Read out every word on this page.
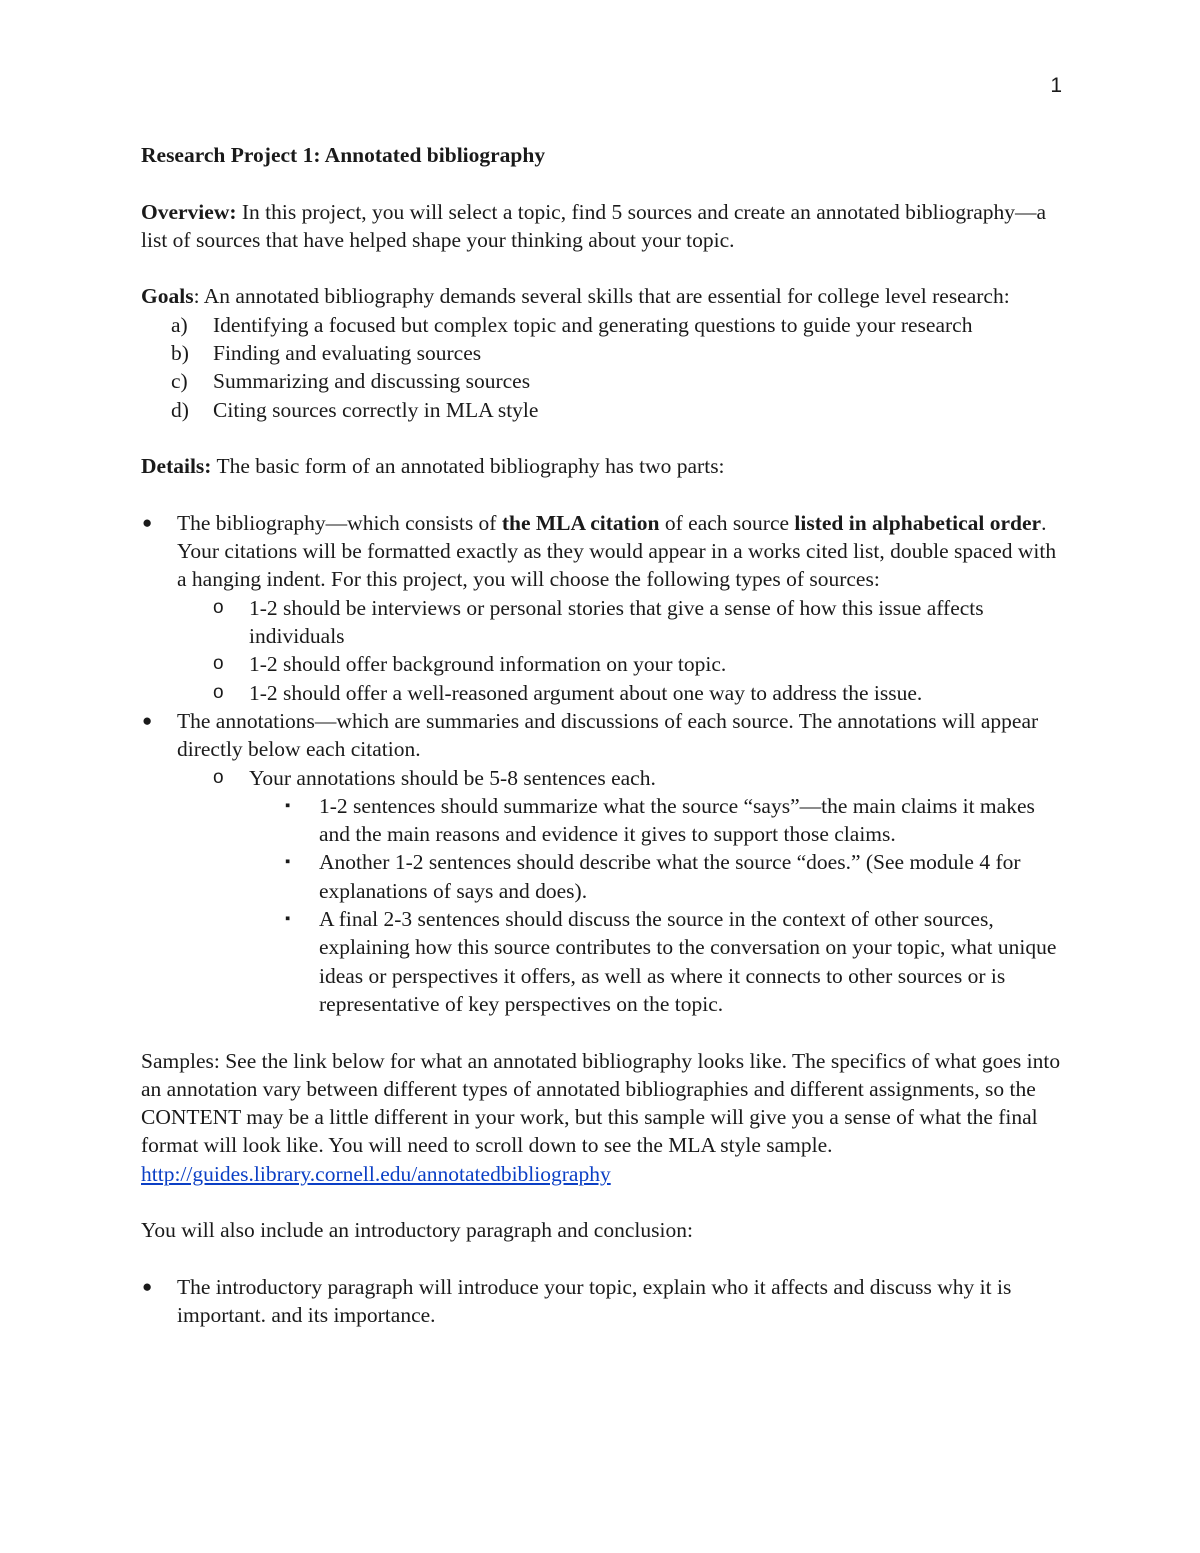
1

Research Project 1: Annotated bibliography

Overview: In this project, you will select a topic, find 5 sources and create an annotated bibliography—a list of sources that have helped shape your thinking about your topic.

Goals: An annotated bibliography demands several skills that are essential for college level research:

a) Identifying a focused but complex topic and generating questions to guide your research
b) Finding and evaluating sources
c) Summarizing and discussing sources
d) Citing sources correctly in MLA style

Details: The basic form of an annotated bibliography has two parts:

● The bibliography—which consists of the MLA citation of each source listed in alphabetical order. Your citations will be formatted exactly as they would appear in a works cited list, double spaced with a hanging indent. For this project, you will choose the following types of sources:
o 1-2 should be interviews or personal stories that give a sense of how this issue affects individuals
o 1-2 should offer background information on your topic.
o 1-2 should offer a well-reasoned argument about one way to address the issue.
● The annotations—which are summaries and discussions of each source. The annotations will appear directly below each citation.
o Your annotations should be 5-8 sentences each.
▪ 1-2 sentences should summarize what the source “says”—the main claims it makes and the main reasons and evidence it gives to support those claims.
▪ Another 1-2 sentences should describe what the source “does.” (See module 4 for explanations of says and does).
▪ A final 2-3 sentences should discuss the source in the context of other sources, explaining how this source contributes to the conversation on your topic, what unique ideas or perspectives it offers, as well as where it connects to other sources or is representative of key perspectives on the topic.

Samples: See the link below for what an annotated bibliography looks like. The specifics of what goes into an annotation vary between different types of annotated bibliographies and different assignments, so the CONTENT may be a little different in your work, but this sample will give you a sense of what the final format will look like. You will need to scroll down to see the MLA style sample. http://guides.library.cornell.edu/annotatedbibliography

You will also include an introductory paragraph and conclusion:

● The introductory paragraph will introduce your topic, explain who it affects and discuss why it is important. and its importance.
